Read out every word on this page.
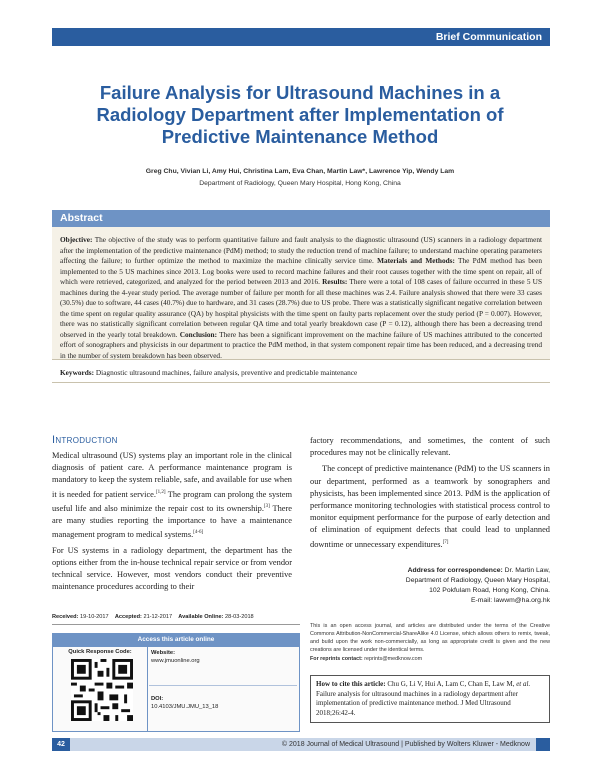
Brief Communication
Failure Analysis for Ultrasound Machines in a Radiology Department after Implementation of Predictive Maintenance Method
Greg Chu, Vivian Li, Amy Hui, Christina Lam, Eva Chan, Martin Law*, Lawrence Yip, Wendy Lam
Department of Radiology, Queen Mary Hospital, Hong Kong, China
Abstract
Objective: The objective of the study was to perform quantitative failure and fault analysis to the diagnostic ultrasound (US) scanners in a radiology department after the implementation of the predictive maintenance (PdM) method; to study the reduction trend of machine failure; to understand machine operating parameters affecting the failure; to further optimize the method to maximize the machine clinically service time. Materials and Methods: The PdM method has been implemented to the 5 US machines since 2013. Log books were used to record machine failures and their root causes together with the time spent on repair, all of which were retrieved, categorized, and analyzed for the period between 2013 and 2016. Results: There were a total of 108 cases of failure occurred in these 5 US machines during the 4-year study period. The average number of failure per month for all these machines was 2.4. Failure analysis showed that there were 33 cases (30.5%) due to software, 44 cases (40.7%) due to hardware, and 31 cases (28.7%) due to US probe. There was a statistically significant negative correlation between the time spent on regular quality assurance (QA) by hospital physicists with the time spent on faulty parts replacement over the study period (P = 0.007). However, there was no statistically significant correlation between regular QA time and total yearly breakdown case (P = 0.12), although there has been a decreasing trend observed in the yearly total breakdown. Conclusion: There has been a significant improvement on the machine failure of US machines attributed to the concerted effort of sonographers and physicists in our department to practice the PdM method, in that system component repair time has been reduced, and a decreasing trend in the number of system breakdown has been observed.
Keywords: Diagnostic ultrasound machines, failure analysis, preventive and predictable maintenance
Introduction

Medical ultrasound (US) systems play an important role in the clinical diagnosis of patient care. A performance maintenance program is mandatory to keep the system reliable, safe, and available for use when it is needed for patient service.[1,2] The program can prolong the system useful life and also minimize the repair cost to its ownership.[3] There are many studies reporting the importance to have a maintenance management program to medical systems.[4-6]

For US systems in a radiology department, the department has the options either from the in-house technical repair service or from vendor technical service. However, most vendors conduct their preventive maintenance procedures according to their

factory recommendations, and sometimes, the content of such procedures may not be clinically relevant.

The concept of predictive maintenance (PdM) to the US scanners in our department, performed as a teamwork by sonographers and physicists, has been implemented since 2013. PdM is the application of performance monitoring technologies with statistical process control to monitor equipment performance for the purpose of early detection and of elimination of equipment defects that could lead to unplanned downtime or unnecessary expenditures.[7]

Address for correspondence: Dr. Martin Law,
Department of Radiology, Queen Mary Hospital,
102 Pokfulam Road, Hong Kong, China.
E-mail: lawwm@ha.org.hk
Received: 19-10-2017 Accepted: 21-12-2017 Available Online: 28-03-2018
Access this article online
Quick Response Code:	Website:
www.jmuonline.org
DOI:
10.4103/JMU.JMU_13_18
This is an open access journal, and articles are distributed under the terms of the Creative Commons Attribution-NonCommercial-ShareAlike 4.0 License, which allows others to remix, tweak, and build upon the work non-commercially, as long as appropriate credit is given and the new creations are licensed under the identical terms.
For reprints contact: reprints@medknow.com
How to cite this article: Chu G, Li V, Hui A, Lam C, Chan E, Law M, et al. Failure analysis for ultrasound machines in a radiology department after implementation of predictive maintenance method. J Med Ultrasound 2018;26:42-4.
42	© 2018 Journal of Medical Ultrasound | Published by Wolters Kluwer - Medknow
